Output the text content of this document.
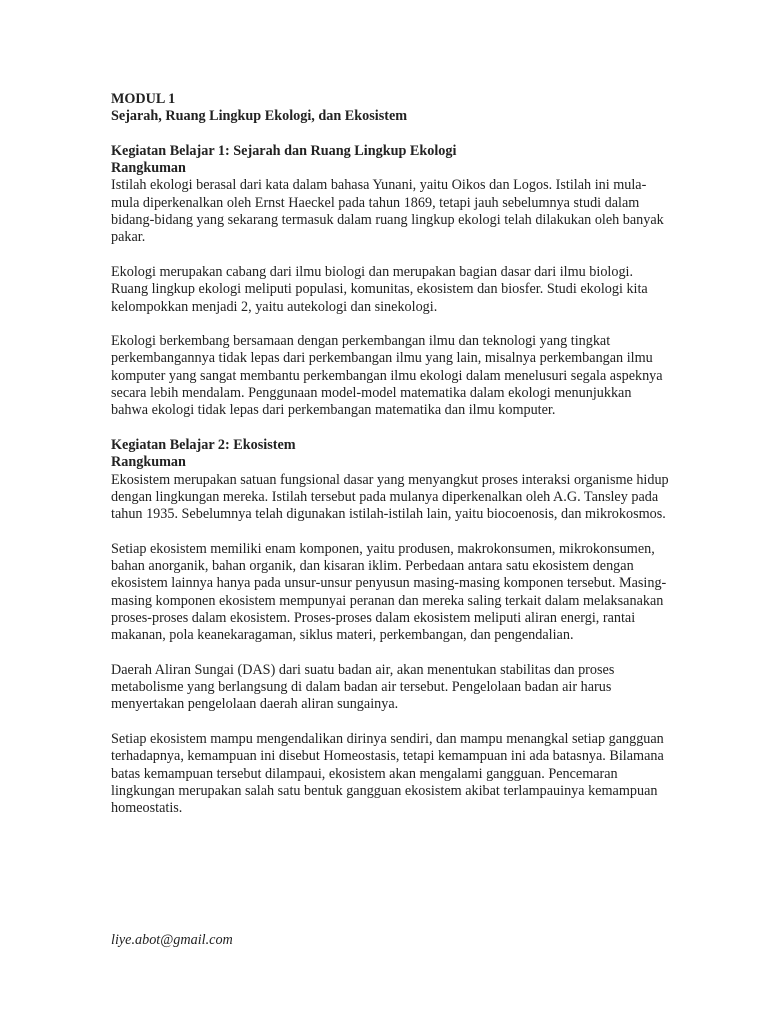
MODUL 1

Sejarah, Ruang Lingkup Ekologi, dan Ekosistem

Kegiatan Belajar 1: Sejarah dan Ruang Lingkup Ekologi

Rangkuman

Istilah ekologi berasal dari kata dalam bahasa Yunani, yaitu Oikos dan Logos. Istilah ini mula-mula diperkenalkan oleh Ernst Haeckel pada tahun 1869, tetapi jauh sebelumnya studi dalam bidang-bidang yang sekarang termasuk dalam ruang lingkup ekologi telah dilakukan oleh banyak pakar.

Ekologi merupakan cabang dari ilmu biologi dan merupakan bagian dasar dari ilmu biologi. Ruang lingkup ekologi meliputi populasi, komunitas, ekosistem dan biosfer. Studi ekologi kita kelompokkan menjadi 2, yaitu autekologi dan sinekologi.

Ekologi berkembang bersamaan dengan perkembangan ilmu dan teknologi yang tingkat perkembangannya tidak lepas dari perkembangan ilmu yang lain, misalnya perkembangan ilmu komputer yang sangat membantu perkembangan ilmu ekologi dalam menelusuri segala aspeknya secara lebih mendalam. Penggunaan model-model matematika dalam ekologi menunjukkan bahwa ekologi tidak lepas dari perkembangan matematika dan ilmu komputer.

Kegiatan Belajar 2: Ekosistem

Rangkuman

Ekosistem merupakan satuan fungsional dasar yang menyangkut proses interaksi organisme hidup dengan lingkungan mereka. Istilah tersebut pada mulanya diperkenalkan oleh A.G. Tansley pada tahun 1935. Sebelumnya telah digunakan istilah-istilah lain, yaitu biocoenosis, dan mikrokosmos.

Setiap ekosistem memiliki enam komponen, yaitu produsen, makrokonsumen, mikrokonsumen, bahan anorganik, bahan organik, dan kisaran iklim. Perbedaan antara satu ekosistem dengan ekosistem lainnya hanya pada unsur-unsur penyusun masing-masing komponen tersebut. Masing-masing komponen ekosistem mempunyai peranan dan mereka saling terkait dalam melaksanakan proses-proses dalam ekosistem. Proses-proses dalam ekosistem meliputi aliran energi, rantai makanan, pola keanekaragaman, siklus materi, perkembangan, dan pengendalian.

Daerah Aliran Sungai (DAS) dari suatu badan air, akan menentukan stabilitas dan proses metabolisme yang berlangsung di dalam badan air tersebut. Pengelolaan badan air harus menyertakan pengelolaan daerah aliran sungainya.

Setiap ekosistem mampu mengendalikan dirinya sendiri, dan mampu menangkal setiap gangguan terhadapnya, kemampuan ini disebut Homeostasis, tetapi kemampuan ini ada batasnya. Bilamana batas kemampuan tersebut dilampaui, ekosistem akan mengalami gangguan. Pencemaran lingkungan merupakan salah satu bentuk gangguan ekosistem akibat terlampauinya kemampuan homeostatis.

liye.abot@gmail.com
